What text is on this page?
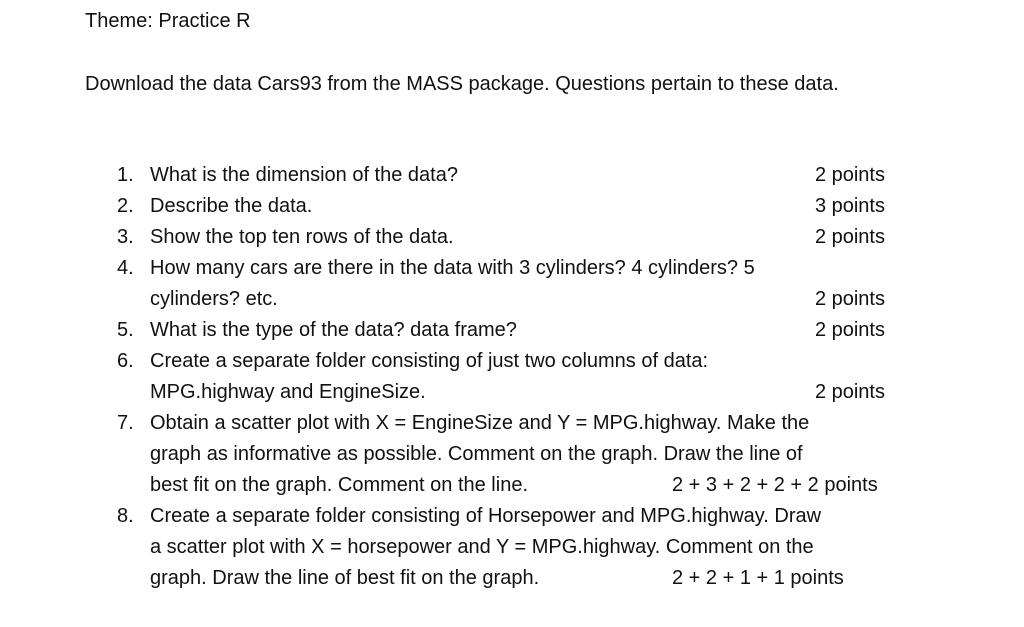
Theme: Practice R
Download the data Cars93 from the MASS package. Questions pertain to these data.
1. What is the dimension of the data?	2 points
2. Describe the data.	3 points
3. Show the top ten rows of the data.	2 points
4. How many cars are there in the data with 3 cylinders? 4 cylinders? 5
cylinders? etc.	2 points
5. What is the type of the data? data frame?	2 points
6. Create a separate folder consisting of just two columns of data:
MPG.highway and EngineSize.	2 points
7. Obtain a scatter plot with X = EngineSize and Y = MPG.highway. Make the
graph as informative as possible. Comment on the graph. Draw the line of
best fit on the graph. Comment on the line.	2 + 3 + 2 + 2 + 2 points
8. Create a separate folder consisting of Horsepower and MPG.highway. Draw
a scatter plot with X = horsepower and Y = MPG.highway. Comment on the
graph. Draw the line of best fit on the graph.	2 + 2 + 1 + 1 points
